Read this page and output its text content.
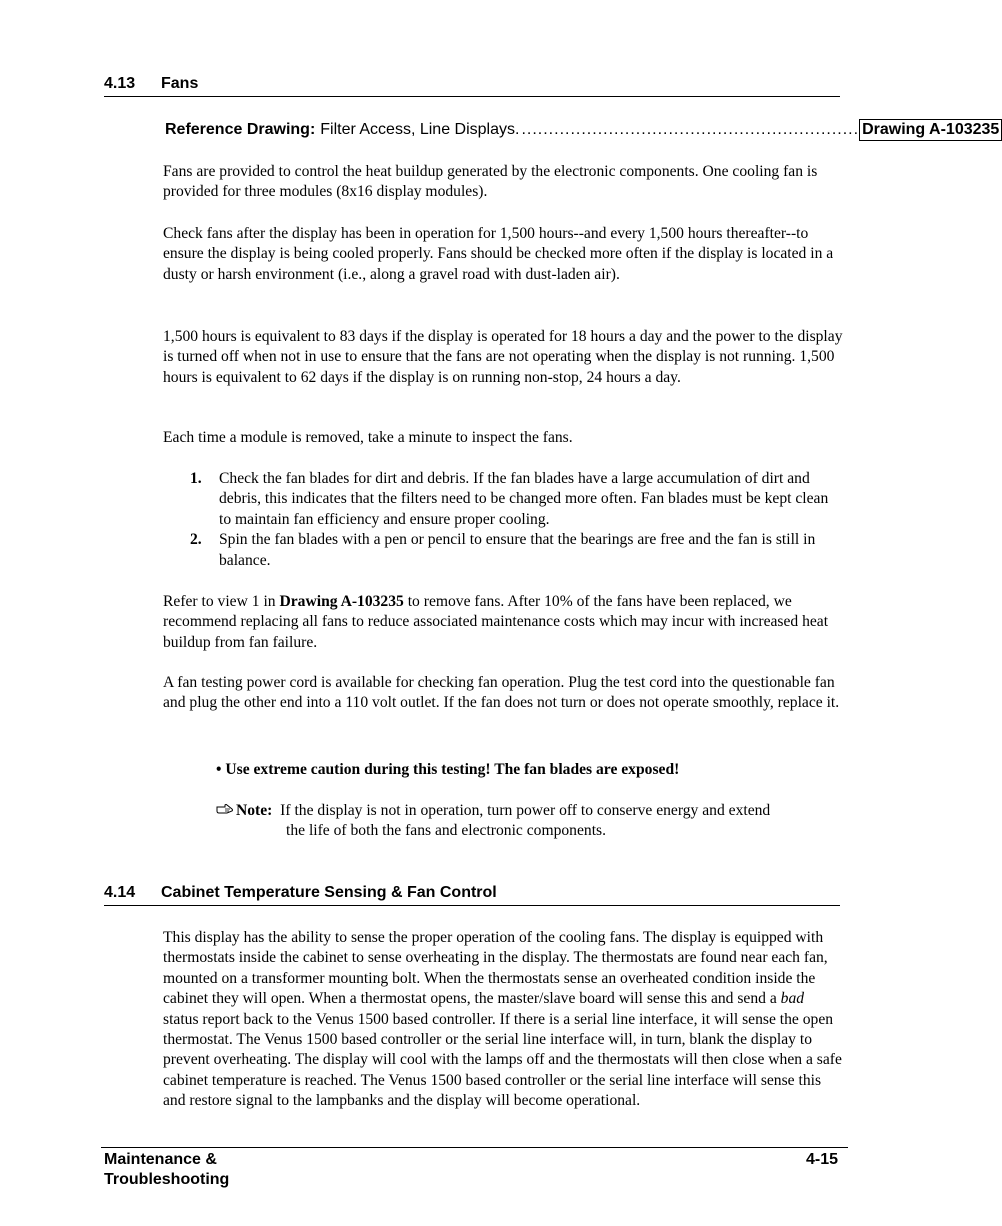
4.13 Fans
Reference Drawing: Filter Access, Line Displays. .............................................................. Drawing A-103235

Fans are provided to control the heat buildup generated by the electronic components. One cooling fan is provided for three modules (8x16 display modules).

Check fans after the display has been in operation for 1,500 hours--and every 1,500 hours thereafter--to ensure the display is being cooled properly. Fans should be checked more often if the display is located in a dusty or harsh environment (i.e., along a gravel road with dust-laden air).

1,500 hours is equivalent to 83 days if the display is operated for 18 hours a day and the power to the display is turned off when not in use to ensure that the fans are not operating when the display is not running. 1,500 hours is equivalent to 62 days if the display is on running non-stop, 24 hours a day.

Each time a module is removed, take a minute to inspect the fans.

1.	Check the fan blades for dirt and debris. If the fan blades have a large accumulation of dirt and debris, this indicates that the filters need to be changed more often. Fan blades must be kept clean to maintain fan efficiency and ensure proper cooling.
2.	Spin the fan blades with a pen or pencil to ensure that the bearings are free and the fan is still in balance.

Refer to view 1 in Drawing A-103235 to remove fans. After 10% of the fans have been replaced, we recommend replacing all fans to reduce associated maintenance costs which may incur with increased heat buildup from fan failure.

A fan testing power cord is available for checking fan operation. Plug the test cord into the questionable fan and plug the other end into a 110 volt outlet. If the fan does not turn or does not operate smoothly, replace it.

• Use extreme caution during this testing! The fan blades are exposed!
Note: If the display is not in operation, turn power off to conserve energy and extend
the life of both the fans and electronic components.
4.14 Cabinet Temperature Sensing & Fan Control

This display has the ability to sense the proper operation of the cooling fans. The display is equipped with thermostats inside the cabinet to sense overheating in the display. The thermostats are found near each fan, mounted on a transformer mounting bolt. When the thermostats sense an overheated condition inside the cabinet they will open. When a thermostat opens, the master/slave board will sense this and send a bad status report back to the Venus 1500 based controller. If there is a serial line interface, it will sense the open thermostat. The Venus 1500 based controller or the serial line interface will, in turn, blank the display to prevent overheating. The display will cool with the lamps off and the thermostats will then close when a safe cabinet temperature is reached. The Venus 1500 based controller or the serial line interface will sense this and restore signal to the lampbanks and the display will become operational.

Maintenance &
Troubleshooting
4-15
